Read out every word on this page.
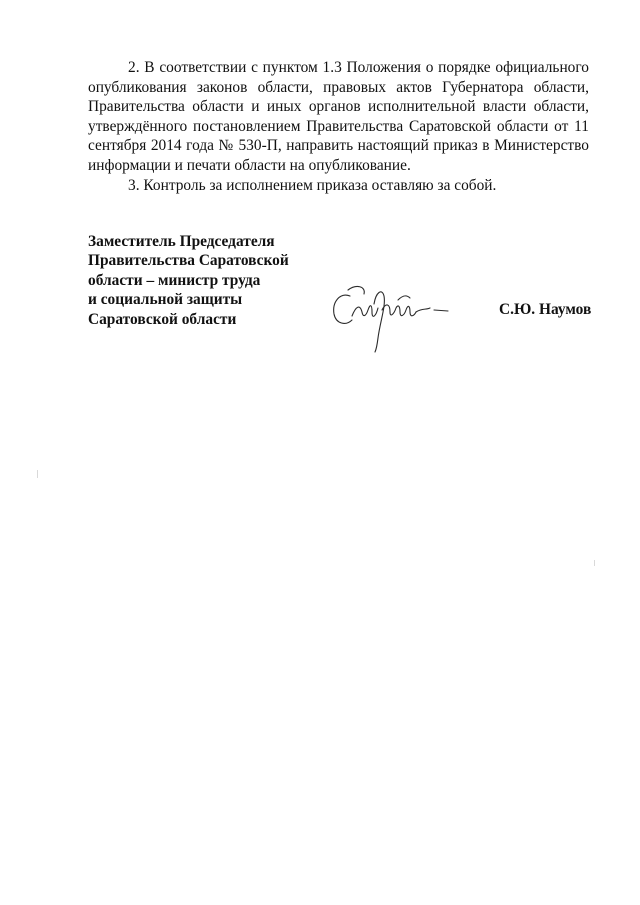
2. В соответствии с пунктом 1.3 Положения о порядке официального опубликования законов области, правовых актов Губернатора области, Правительства области и иных органов исполнительной власти области, утверждённого постановлением Правительства Саратовской области от 11 сентября 2014 года № 530-П, направить настоящий приказ в Министерство информации и печати области на опубликование.

3. Контроль за исполнением приказа оставляю за собой.

Заместитель Председателя
Правительства Саратовской
области – министр труда
и социальной защиты
Саратовской области
С.Ю. Наумов
